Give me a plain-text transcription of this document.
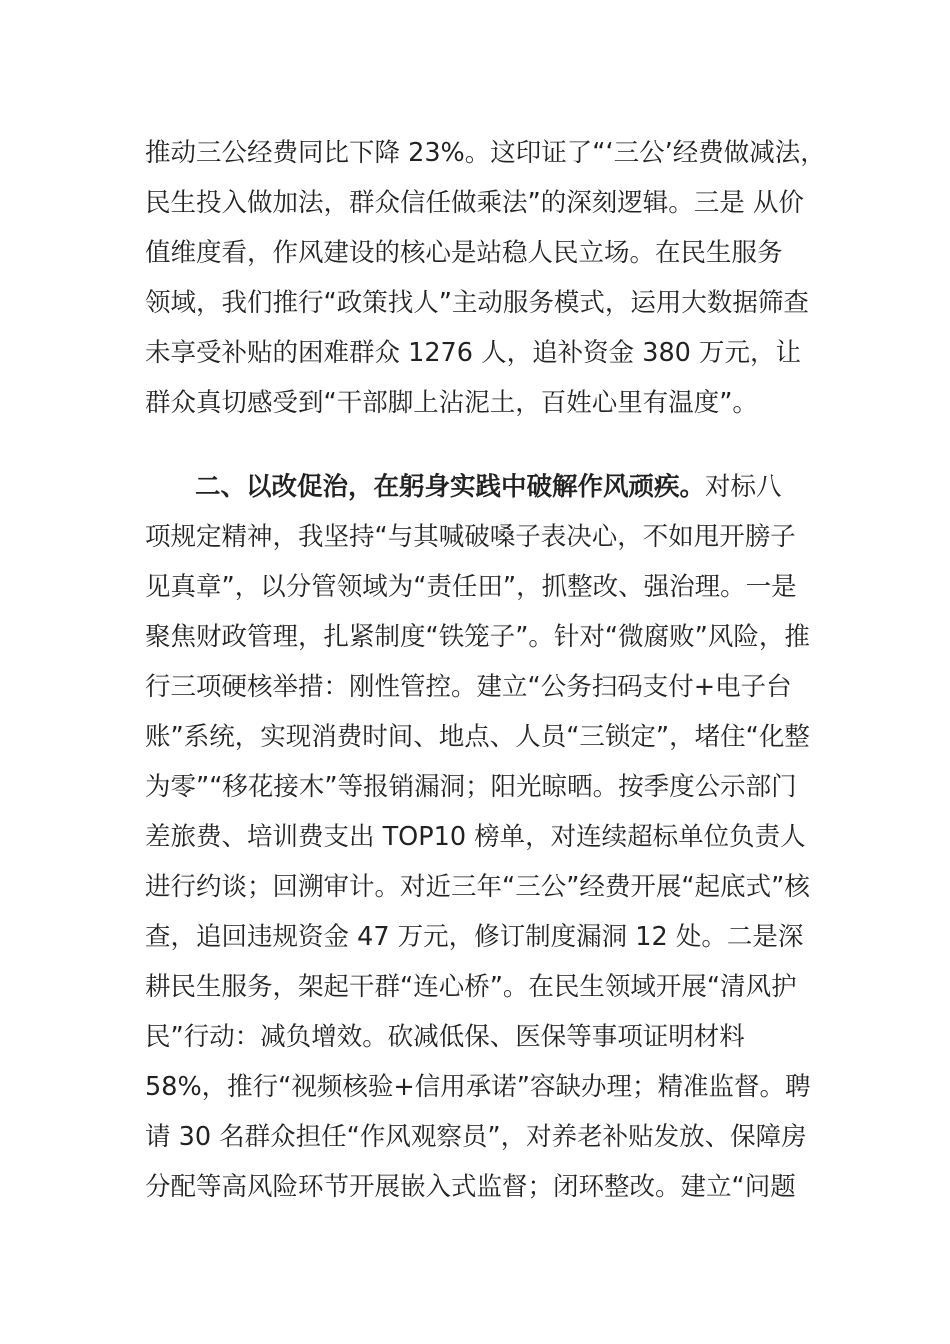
推动三公经费同比下降 23%。这印证了“‘三公’经费做减法，
民生投入做加法，群众信任做乘法”的深刻逻辑。三是 从价
值维度看，作风建设的核心是站稳人民立场。在民生服务
领域，我们推行“政策找人”主动服务模式，运用大数据筛查
未享受补贴的困难群众 1276 人，追补资金 380 万元，让
群众真切感受到“干部脚上沾泥土，百姓心里有温度”。
二、以改促治，在躬身实践中破解作风顽疾。对标八
项规定精神，我坚持“与其喊破嗓子表决心，不如甩开膀子
见真章”，以分管领域为“责任田”，抓整改、强治理。一是
聚焦财政管理，扎紧制度“铁笼子”。针对“微腐败”风险，推
行三项硬核举措：刚性管控。建立“公务扫码支付+电子台
账”系统，实现消费时间、地点、人员“三锁定”，堵住“化整
为零”“移花接木”等报销漏洞；阳光晾晒。按季度公示部门
差旅费、培训费支出 TOP10 榜单，对连续超标单位负责人
进行约谈；回溯审计。对近三年“三公”经费开展“起底式”核
查，追回违规资金 47 万元，修订制度漏洞 12 处。二是深
耕民生服务，架起干群“连心桥”。在民生领域开展“清风护
民”行动：减负增效。砍减低保、医保等事项证明材料
58%，推行“视频核验+信用承诺”容缺办理；精准监督。聘
请 30 名群众担任“作风观察员”，对养老补贴发放、保障房
分配等高风险环节开展嵌入式监督；闭环整改。建立“问题
